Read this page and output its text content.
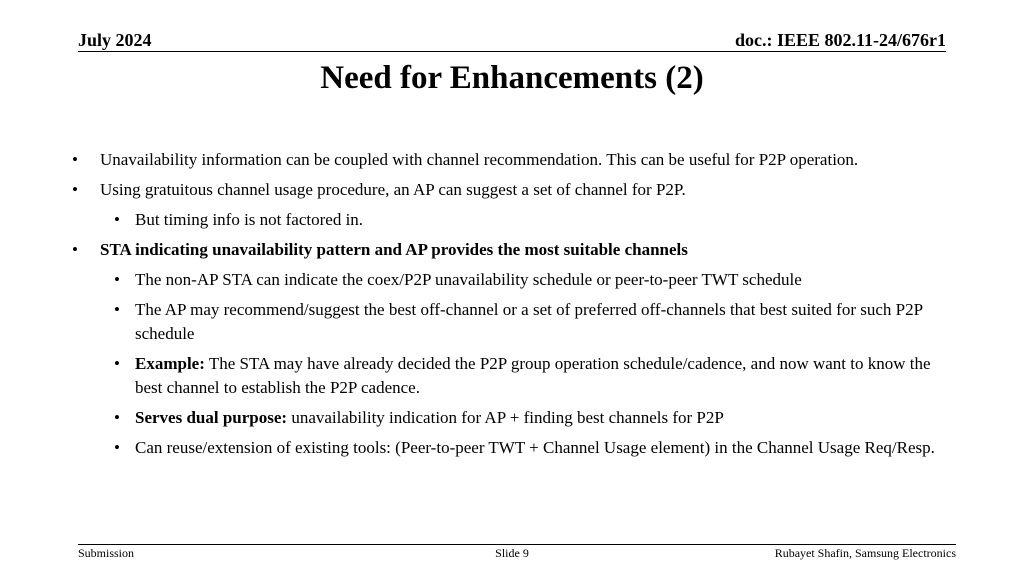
July 2024	doc.: IEEE 802.11-24/676r1
Need for Enhancements (2)
• Unavailability information can be coupled with channel recommendation. This can be useful for P2P operation.
• Using gratuitous channel usage procedure, an AP can suggest a set of channel for P2P.
• But timing info is not factored in.
• STA indicating unavailability pattern and AP provides the most suitable channels
• The non-AP STA can indicate the coex/P2P unavailability schedule or peer-to-peer TWT schedule
• The AP may recommend/suggest the best off-channel or a set of preferred off-channels that best suited for such P2P schedule
• Example: The STA may have already decided the P2P group operation schedule/cadence, and now want to know the best channel to establish the P2P cadence.
• Serves dual purpose: unavailability indication for AP + finding best channels for P2P
• Can reuse/extension of existing tools: (Peer-to-peer TWT + Channel Usage element) in the Channel Usage Req/Resp.
Submission	Slide 9	Rubayet Shafin, Samsung Electronics
